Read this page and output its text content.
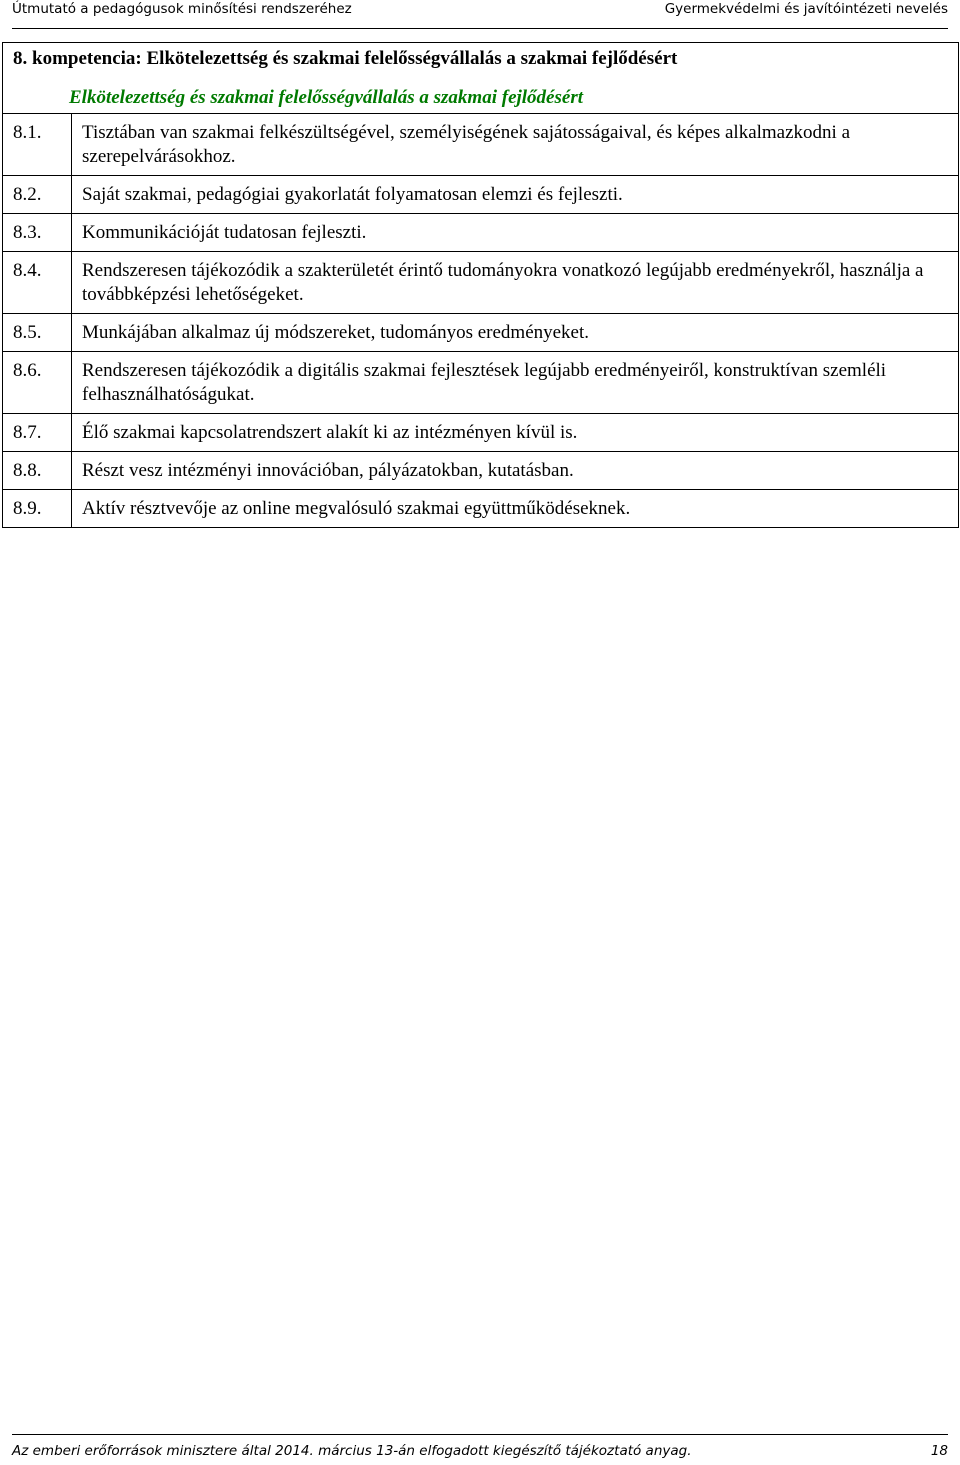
Útmutató a pedagógusok minősítési rendszeréhez	Gyermekvédelmi és javítóintézeti nevelés
8. kompetencia: Elkötelezettség és szakmai felelősségvállalás a szakmai fejlődésért
Elkötelezettség és szakmai felelősségvállalás a szakmai fejlődésért	

8.1.	Tisztában van szakmai felkészültségével, személyiségének sajátosságaival, és képes alkalmazkodni a szerepelvárásokhoz.
8.2.	Saját szakmai, pedagógiai gyakorlatát folyamatosan elemzi és fejleszti.
8.3.	Kommunikációját tudatosan fejleszti.
8.4.	Rendszeresen tájékozódik a szakterületét érintő tudományokra vonatkozó legújabb eredményekről, használja a továbbképzési lehetőségeket.
8.5.	Munkájában alkalmaz új módszereket, tudományos eredményeket.
8.6.	Rendszeresen tájékozódik a digitális szakmai fejlesztések legújabb eredményeiről, konstruktívan szemléli felhasználhatóságukat.
8.7.	Élő szakmai kapcsolatrendszert alakít ki az intézményen kívül is.
8.8.	Részt vesz intézményi innovációban, pályázatokban, kutatásban.
8.9.	Aktív résztvevője az online megvalósuló szakmai együttműködéseknek.
Az emberi erőforrások minisztere által 2014. március 13-án elfogadott kiegészítő tájékoztató anyag.	18
